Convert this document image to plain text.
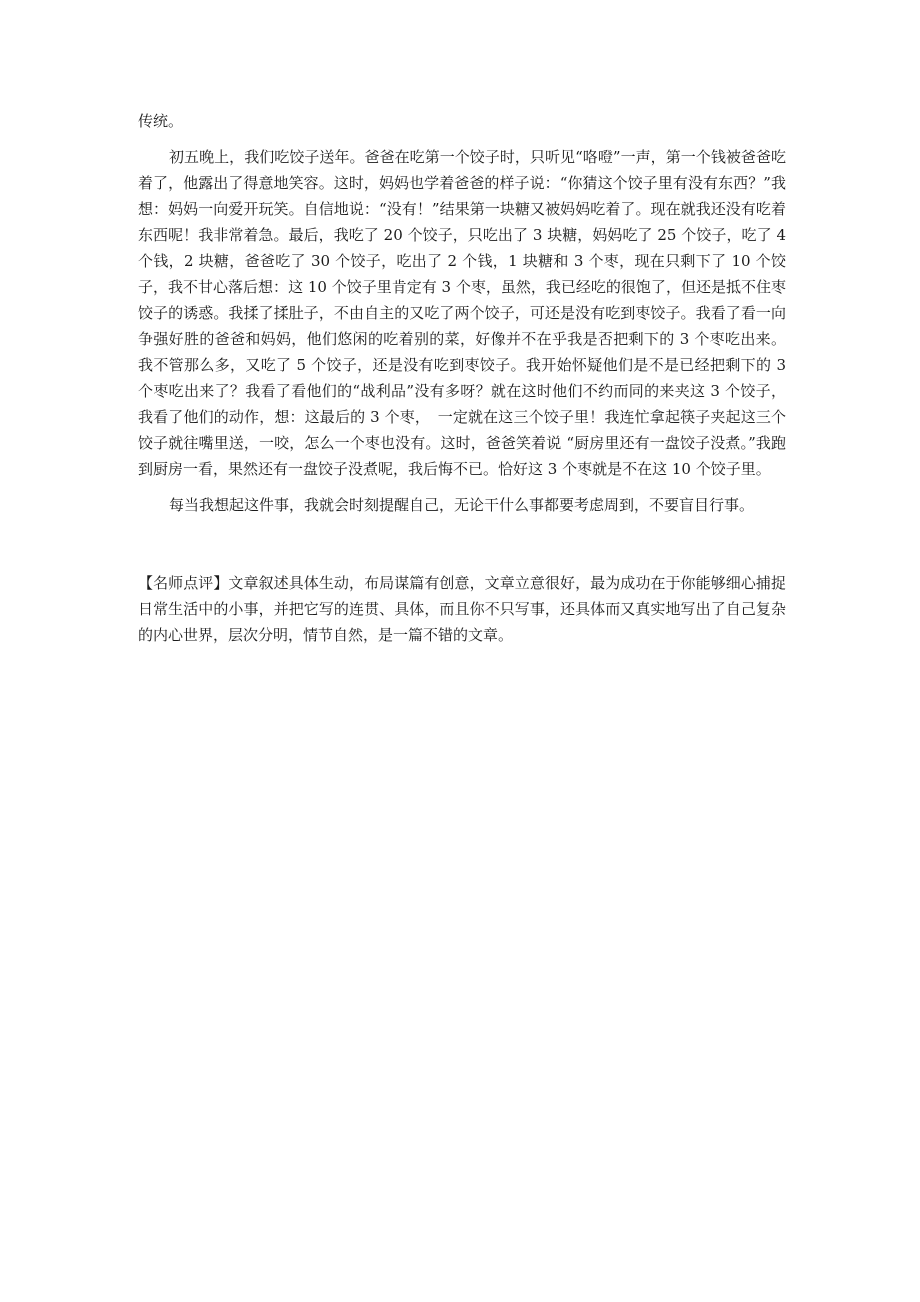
传统。

初五晚上，我们吃饺子送年。爸爸在吃第一个饺子时，只听见“咯噔”一声，第一个钱被爸爸吃着了，他露出了得意地笑容。这时，妈妈也学着爸爸的样子说：“你猜这个饺子里有没有东西？”我想：妈妈一向爱开玩笑。自信地说：“没有！”结果第一块糖又被妈妈吃着了。现在就我还没有吃着东西呢！我非常着急。最后，我吃了 20 个饺子，只吃出了 3 块糖，妈妈吃了 25 个饺子，吃了 4 个钱，2 块糖，爸爸吃了 30 个饺子，吃出了 2 个钱，1 块糖和 3 个枣，现在只剩下了 10 个饺子，我不甘心落后想：这 10 个饺子里肯定有 3 个枣，虽然，我已经吃的很饱了，但还是抵不住枣饺子的诱惑。我揉了揉肚子，不由自主的又吃了两个饺子，可还是没有吃到枣饺子。我看了看一向争强好胜的爸爸和妈妈，他们悠闲的吃着别的菜，好像并不在乎我是否把剩下的 3 个枣吃出来。我不管那么多，又吃了 5 个饺子，还是没有吃到枣饺子。我开始怀疑他们是不是已经把剩下的 3 个枣吃出来了？我看了看他们的“战利品”没有多呀？就在这时他们不约而同的来夹这 3 个饺子，我看了他们的动作，想：这最后的 3 个枣，　一定就在这三个饺子里！我连忙拿起筷子夹起这三个饺子就往嘴里送，一咬，怎么一个枣也没有。这时，爸爸笑着说 “厨房里还有一盘饺子没煮。”我跑到厨房一看，果然还有一盘饺子没煮呢，我后悔不已。恰好这 3 个枣就是不在这 10 个饺子里。

每当我想起这件事，我就会时刻提醒自己，无论干什么事都要考虑周到，不要盲目行事。

【名师点评】文章叙述具体生动，布局谋篇有创意，文章立意很好，最为成功在于你能够细心捕捉日常生活中的小事，并把它写的连贯、具体，而且你不只写事，还具体而又真实地写出了自己复杂的内心世界，层次分明，情节自然，是一篇不错的文章。
